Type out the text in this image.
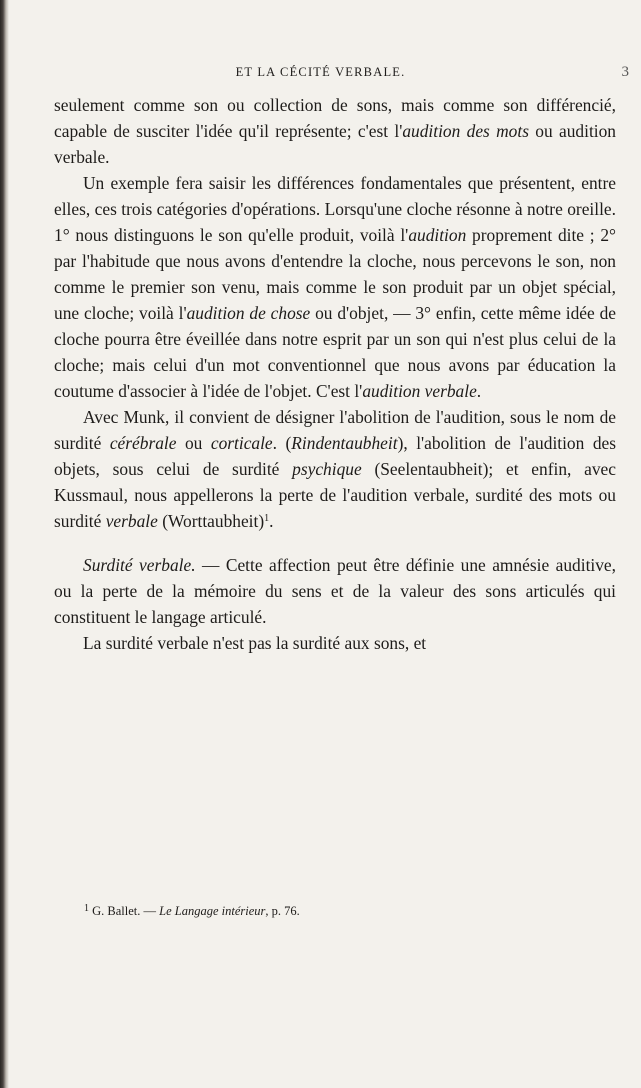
ET LA CÉCITÉ VERBALE.	3

seulement comme son ou collection de sons, mais comme son différencié, capable de susciter l'idée qu'il représente; c'est l'audition des mots ou audition verbale.

Un exemple fera saisir les différences fondamentales que présentent, entre elles, ces trois catégories d'opérations. Lorsqu'une cloche résonne à notre oreille. 1° nous distinguons le son qu'elle produit, voilà l'audition proprement dite ; 2° par l'habitude que nous avons d'entendre la cloche, nous percevons le son, non comme le premier son venu, mais comme le son produit par un objet spécial, une cloche; voilà l'audition de chose ou d'objet, — 3° enfin, cette même idée de cloche pourra être éveillée dans notre esprit par un son qui n'est plus celui de la cloche; mais celui d'un mot conventionnel que nous avons par éducation la coutume d'associer à l'idée de l'objet. C'est l'audition verbale.

Avec Munk, il convient de désigner l'abolition de l'audition, sous le nom de surdité cérébrale ou corticale. (Rindentaubheit), l'abolition de l'audition des objets, sous celui de surdité psychique (Seelentaubheit); et enfin, avec Kussmaul, nous appellerons la perte de l'audition verbale, surdité des mots ou surdité verbale (Worttaubheit)$^1$.

Surdité verbale. — Cette affection peut être définie une amnésie auditive, ou la perte de la mémoire du sens et de la valeur des sons articulés qui constituent le langage articulé.

La surdité verbale n'est pas la surdité aux sons, et

$^1$ G. Ballet. — Le Langage intérieur, p. 76.
